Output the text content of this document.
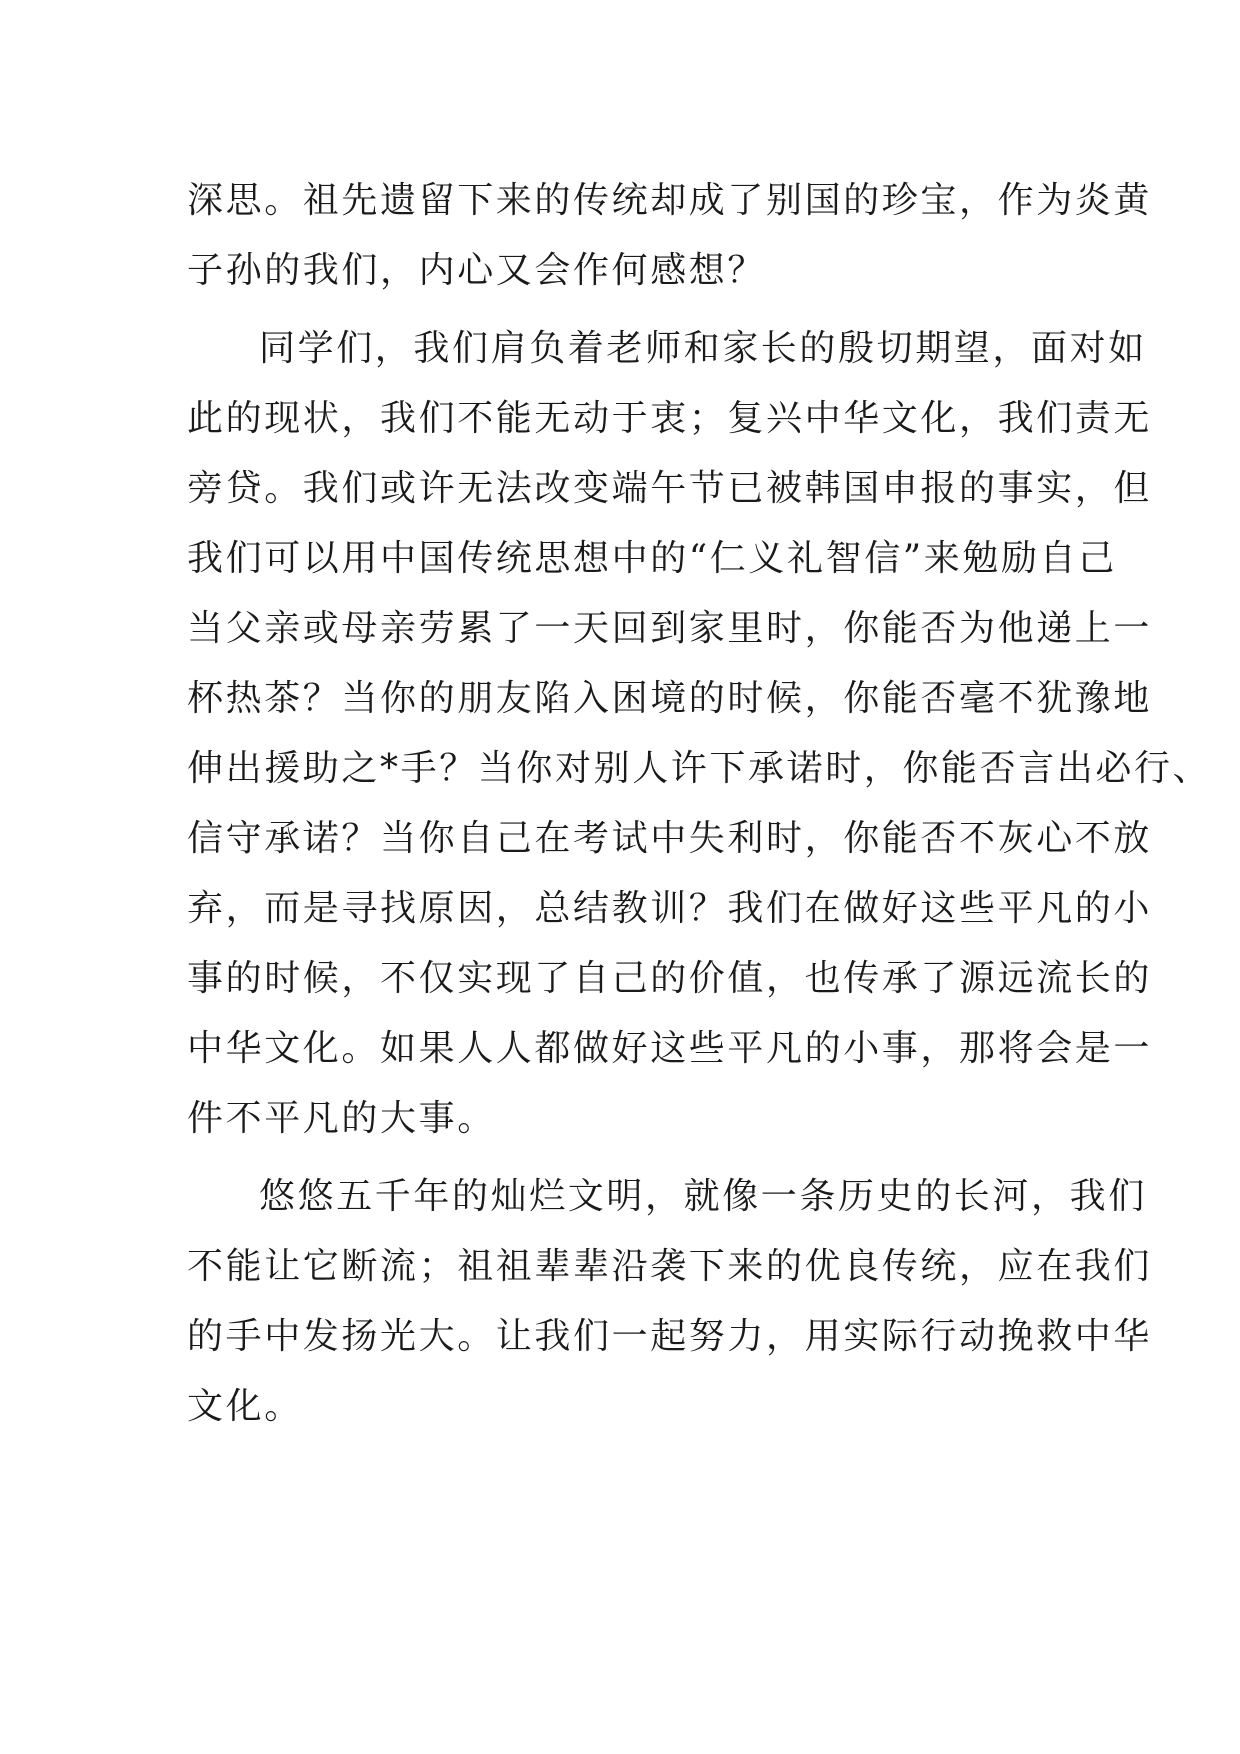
深思。祖先遗留下来的传统却成了别国的珍宝，作为炎黄
子孙的我们，内心又会作何感想？
同学们，我们肩负着老师和家长的殷切期望，面对如
此的现状，我们不能无动于衷；复兴中华文化，我们责无
旁贷。我们或许无法改变端午节已被韩国申报的事实，但
我们可以用中国传统思想中的“仁义礼智信”来勉励自己
当父亲或母亲劳累了一天回到家里时，你能否为他递上一
杯热茶？当你的朋友陷入困境的时候，你能否毫不犹豫地
伸出援助之*手？当你对别人许下承诺时，你能否言出必行、
信守承诺？当你自己在考试中失利时，你能否不灰心不放
弃，而是寻找原因，总结教训？我们在做好这些平凡的小
事的时候，不仅实现了自己的价值，也传承了源远流长的
中华文化。如果人人都做好这些平凡的小事，那将会是一
件不平凡的大事。
悠悠五千年的灿烂文明，就像一条历史的长河，我们
不能让它断流；祖祖辈辈沿袭下来的优良传统，应在我们
的手中发扬光大。让我们一起努力，用实际行动挽救中华
文化。
